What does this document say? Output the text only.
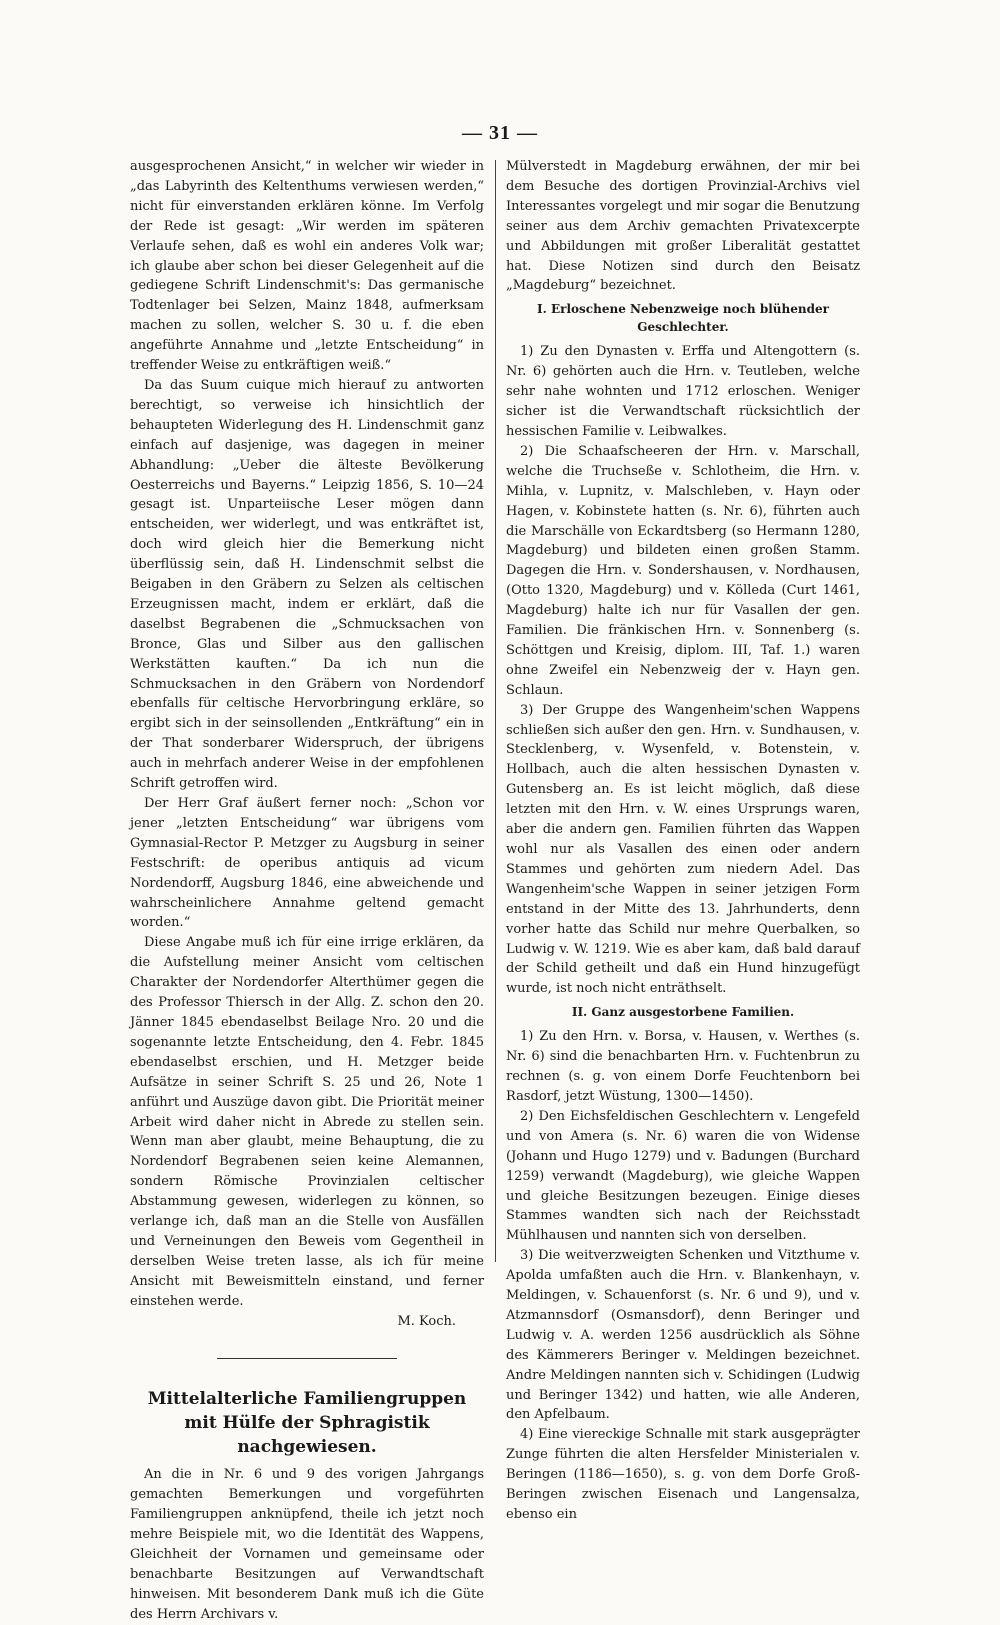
— 31 —

ausgesprochenen Ansicht,“ in welcher wir wieder in „das Labyrinth des Keltenthums verwiesen werden,“ nicht für einverstanden erklären könne. Im Verfolg der Rede ist gesagt: „Wir werden im späteren Verlaufe sehen, daß es wohl ein anderes Volk war; ich glaube aber schon bei dieser Gelegenheit auf die gediegene Schrift Lindenschmit's: Das germanische Todtenlager bei Selzen, Mainz 1848, aufmerksam machen zu sollen, welcher S. 30 u. f. die eben angeführte Annahme und „letzte Entscheidung“ in treffender Weise zu entkräftigen weiß.“

Da das Suum cuique mich hierauf zu antworten berechtigt, so verweise ich hinsichtlich der behaupteten Widerlegung des H. Lindenschmit ganz einfach auf dasjenige, was dagegen in meiner Abhandlung: „Ueber die älteste Bevölkerung Oesterreichs und Bayerns.“ Leipzig 1856, S. 10—24 gesagt ist. Unparteiische Leser mögen dann entscheiden, wer widerlegt, und was entkräftet ist, doch wird gleich hier die Bemerkung nicht überflüssig sein, daß H. Lindenschmit selbst die Beigaben in den Gräbern zu Selzen als celtischen Erzeugnissen macht, indem er erklärt, daß die daselbst Begrabenen die „Schmucksachen von Bronce, Glas und Silber aus den gallischen Werkstätten kauften.“ Da ich nun die Schmucksachen in den Gräbern von Nordendorf ebenfalls für celtische Hervorbringung erkläre, so ergibt sich in der seinsollenden „Entkräftung“ ein in der That sonderbarer Widerspruch, der übrigens auch in mehrfach anderer Weise in der empfohlenen Schrift getroffen wird.

Der Herr Graf äußert ferner noch: „Schon vor jener „letzten Entscheidung“ war übrigens vom Gymnasial-Rector P. Metzger zu Augsburg in seiner Festschrift: de operibus antiquis ad vicum Nordendorff, Augsburg 1846, eine abweichende und wahrscheinlichere Annahme geltend gemacht worden.“

Diese Angabe muß ich für eine irrige erklären, da die Aufstellung meiner Ansicht vom celtischen Charakter der Nordendorfer Alterthümer gegen die des Professor Thiersch in der Allg. Z. schon den 20. Jänner 1845 ebendaselbst Beilage Nro. 20 und die sogenannte letzte Entscheidung, den 4. Febr. 1845 ebendaselbst erschien, und H. Metzger beide Aufsätze in seiner Schrift S. 25 und 26, Note 1 anführt und Auszüge davon gibt. Die Priorität meiner Arbeit wird daher nicht in Abrede zu stellen sein. Wenn man aber glaubt, meine Behauptung, die zu Nordendorf Begrabenen seien keine Alemannen, sondern Römische Provinzialen celtischer Abstammung gewesen, widerlegen zu können, so verlange ich, daß man an die Stelle von Ausfällen und Verneinungen den Beweis vom Gegentheil in derselben Weise treten lasse, als ich für meine Ansicht mit Beweismitteln einstand, und ferner einstehen werde.

M. Koch.
Mittelalterliche Familiengruppen mit Hülfe der Sphragistik nachgewiesen.

An die in Nr. 6 und 9 des vorigen Jahrgangs gemachten Bemerkungen und vorgeführten Familiengruppen anknüpfend, theile ich jetzt noch mehre Beispiele mit, wo die Identität des Wappens, Gleichheit der Vornamen und gemeinsame oder benachbarte Besitzungen auf Verwandtschaft hinweisen. Mit besonderem Dank muß ich die Güte des Herrn Archivars v.

Mülverstedt in Magdeburg erwähnen, der mir bei dem Besuche des dortigen Provinzial-Archivs viel Interessantes vorgelegt und mir sogar die Benutzung seiner aus dem Archiv gemachten Privatexcerpte und Abbildungen mit großer Liberalität gestattet hat. Diese Notizen sind durch den Beisatz „Magdeburg“ bezeichnet.

I. Erloschene Nebenzweige noch blühender Geschlechter.

1) Zu den Dynasten v. Erffa und Altengottern (s. Nr. 6) gehörten auch die Hrn. v. Teutleben, welche sehr nahe wohnten und 1712 erloschen. Weniger sicher ist die Verwandtschaft rücksichtlich der hessischen Familie v. Leibwalkes.

2) Die Schaafscheeren der Hrn. v. Marschall, welche die Truchseße v. Schlotheim, die Hrn. v. Mihla, v. Lupnitz, v. Malschleben, v. Hayn oder Hagen, v. Kobinstete hatten (s. Nr. 6), führten auch die Marschälle von Eckardtsberg (so Hermann 1280, Magdeburg) und bildeten einen großen Stamm. Dagegen die Hrn. v. Sondershausen, v. Nordhausen, (Otto 1320, Magdeburg) und v. Kölleda (Curt 1461, Magdeburg) halte ich nur für Vasallen der gen. Familien. Die fränkischen Hrn. v. Sonnenberg (s. Schöttgen und Kreisig, diplom. III, Taf. 1.) waren ohne Zweifel ein Nebenzweig der v. Hayn gen. Schlaun.

3) Der Gruppe des Wangenheim'schen Wappens schließen sich außer den gen. Hrn. v. Sundhausen, v. Stecklenberg, v. Wysenfeld, v. Botenstein, v. Hollbach, auch die alten hessischen Dynasten v. Gutensberg an. Es ist leicht möglich, daß diese letzten mit den Hrn. v. W. eines Ursprungs waren, aber die andern gen. Familien führten das Wappen wohl nur als Vasallen des einen oder andern Stammes und gehörten zum niedern Adel. Das Wangenheim'sche Wappen in seiner jetzigen Form entstand in der Mitte des 13. Jahrhunderts, denn vorher hatte das Schild nur mehre Querbalken, so Ludwig v. W. 1219. Wie es aber kam, daß bald darauf der Schild getheilt und daß ein Hund hinzugefügt wurde, ist noch nicht enträthselt.

II. Ganz ausgestorbene Familien.

1) Zu den Hrn. v. Borsa, v. Hausen, v. Werthes (s. Nr. 6) sind die benachbarten Hrn. v. Fuchtenbrun zu rechnen (s. g. von einem Dorfe Feuchtenborn bei Rasdorf, jetzt Wüstung, 1300—1450).

2) Den Eichsfeldischen Geschlechtern v. Lengefeld und von Amera (s. Nr. 6) waren die von Widense (Johann und Hugo 1279) und v. Badungen (Burchard 1259) verwandt (Magdeburg), wie gleiche Wappen und gleiche Besitzungen bezeugen. Einige dieses Stammes wandten sich nach der Reichsstadt Mühlhausen und nannten sich von derselben.

3) Die weitverzweigten Schenken und Vitzthume v. Apolda umfaßten auch die Hrn. v. Blankenhayn, v. Meldingen, v. Schauenforst (s. Nr. 6 und 9), und v. Atzmannsdorf (Osmansdorf), denn Beringer und Ludwig v. A. werden 1256 ausdrücklich als Söhne des Kämmerers Beringer v. Meldingen bezeichnet. Andre Meldingen nannten sich v. Schidingen (Ludwig und Beringer 1342) und hatten, wie alle Anderen, den Apfelbaum.

4) Eine viereckige Schnalle mit stark ausgeprägter Zunge führten die alten Hersfelder Ministerialen v. Beringen (1186—1650), s. g. von dem Dorfe Groß-Beringen zwischen Eisenach und Langensalza, ebenso ein
